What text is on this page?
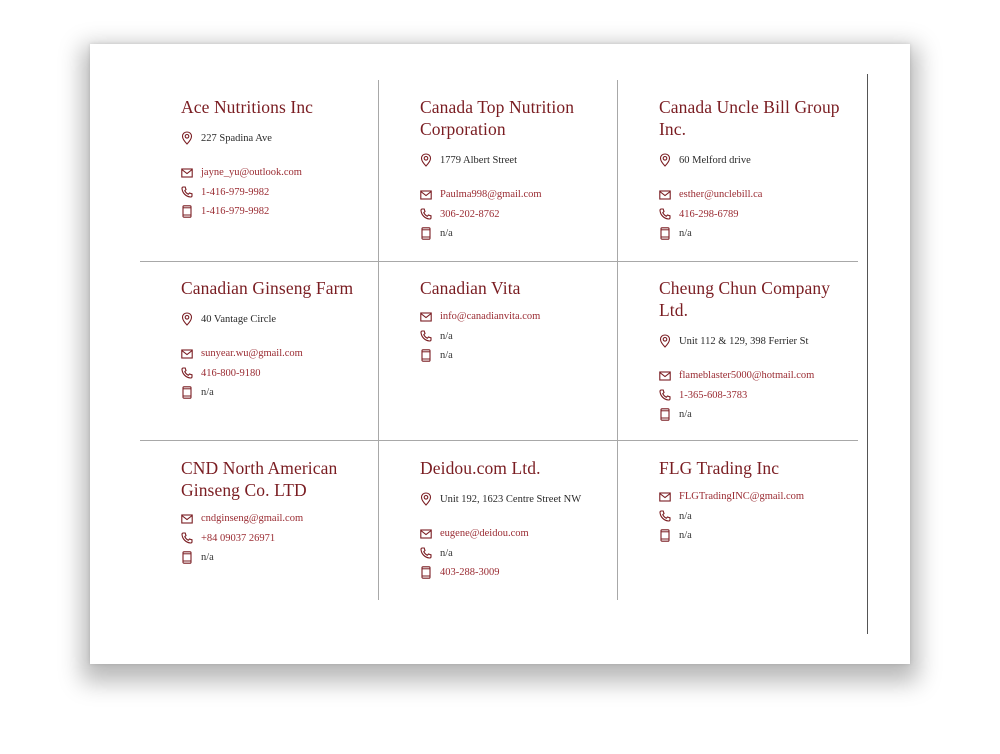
Ace Nutritions Inc
227 Spadina Ave
jayne_yu@outlook.com
1-416-979-9982
1-416-979-9982
Canada Top Nutrition Corporation
1779 Albert Street
Paulma998@gmail.com
306-202-8762
n/a
Canada Uncle Bill Group Inc.
60 Melford drive
esther@unclebill.ca
416-298-6789
n/a
Canadian Ginseng Farm
40 Vantage Circle
sunyear.wu@gmail.com
416-800-9180
n/a
Canadian Vita
info@canadianvita.com
n/a
n/a
Cheung Chun Company Ltd.
Unit 112 & 129, 398 Ferrier St
flameblaster5000@hotmail.com
1-365-608-3783
n/a
CND North American Ginseng Co. LTD
cndginseng@gmail.com
+84 09037 26971
n/a
Deidou.com Ltd.
Unit 192, 1623 Centre Street NW
eugene@deidou.com
n/a
403-288-3009
FLG Trading Inc
FLGTradingINC@gmail.com
n/a
n/a
